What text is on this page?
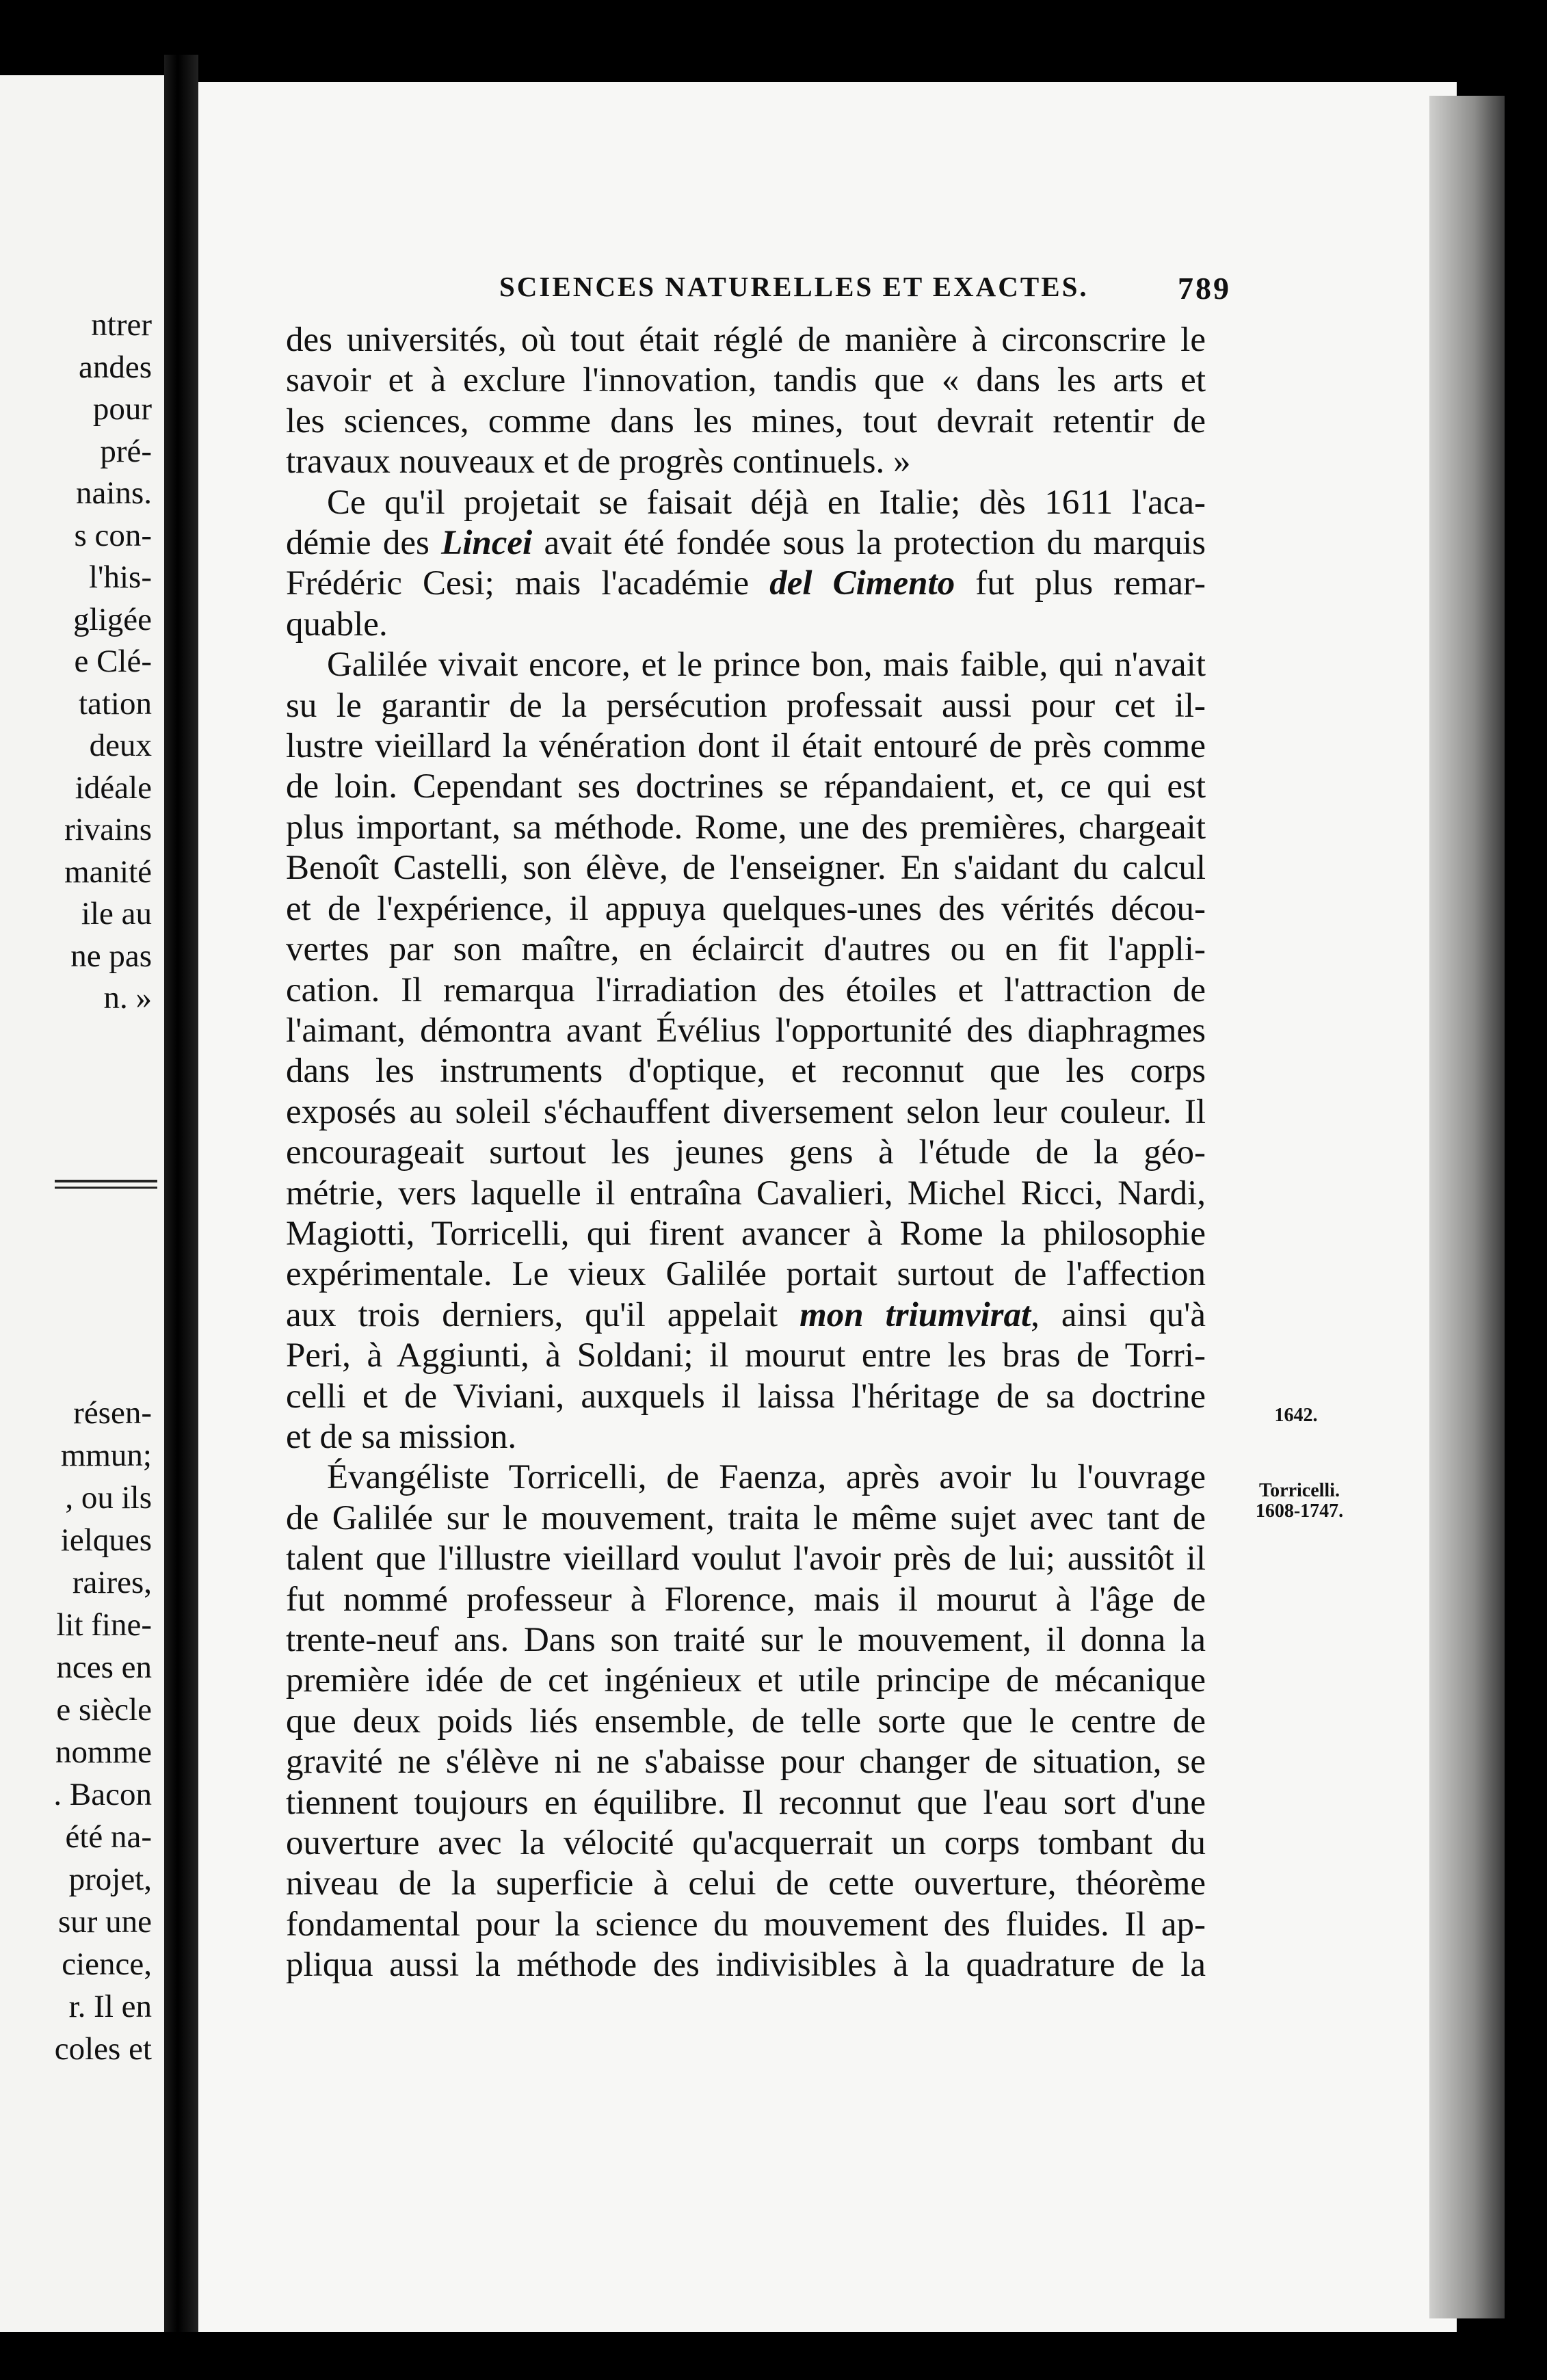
ntrer
andes
pour
pré-
nains.
s con-
l'his-
gligée
e Clé-
tation
deux
idéale
rivains
manité
ile au
ne pas
n. »
résen-
mmun;
, ou ils
ielques
raires,
lit fine-
nces en
e siècle
nomme
. Bacon
été na-
projet,
sur une
cience,
r. Il en
coles et
SCIENCES NATURELLES ET EXACTES.	789
des universités, où tout était réglé de manière à circonscrire le
savoir et à exclure l'innovation, tandis que « dans les arts et
les sciences, comme dans les mines, tout devrait retentir de
travaux nouveaux et de progrès continuels. »
Ce qu'il projetait se faisait déjà en Italie; dès 1611 l'aca-
démie des Lincei avait été fondée sous la protection du marquis
Frédéric Cesi; mais l'académie del Cimento fut plus remar-
quable.
Galilée vivait encore, et le prince bon, mais faible, qui n'avait
su le garantir de la persécution professait aussi pour cet il-
lustre vieillard la vénération dont il était entouré de près comme
de loin. Cependant ses doctrines se répandaient, et, ce qui est
plus important, sa méthode. Rome, une des premières, chargeait
Benoît Castelli, son élève, de l'enseigner. En s'aidant du calcul
et de l'expérience, il appuya quelques-unes des vérités décou-
vertes par son maître, en éclaircit d'autres ou en fit l'appli-
cation. Il remarqua l'irradiation des étoiles et l'attraction de
l'aimant, démontra avant Évélius l'opportunité des diaphragmes
dans les instruments d'optique, et reconnut que les corps
exposés au soleil s'échauffent diversement selon leur couleur. Il
encourageait surtout les jeunes gens à l'étude de la géo-
métrie, vers laquelle il entraîna Cavalieri, Michel Ricci, Nardi,
Magiotti, Torricelli, qui firent avancer à Rome la philosophie
expérimentale. Le vieux Galilée portait surtout de l'affection
aux trois derniers, qu'il appelait mon triumvirat, ainsi qu'à
Peri, à Aggiunti, à Soldani; il mourut entre les bras de Torri-
celli et de Viviani, auxquels il laissa l'héritage de sa doctrine
et de sa mission.
Évangéliste Torricelli, de Faenza, après avoir lu l'ouvrage
de Galilée sur le mouvement, traita le même sujet avec tant de
talent que l'illustre vieillard voulut l'avoir près de lui; aussitôt il
fut nommé professeur à Florence, mais il mourut à l'âge de
trente-neuf ans. Dans son traité sur le mouvement, il donna la
première idée de cet ingénieux et utile principe de mécanique
que deux poids liés ensemble, de telle sorte que le centre de
gravité ne s'élève ni ne s'abaisse pour changer de situation, se
tiennent toujours en équilibre. Il reconnut que l'eau sort d'une
ouverture avec la vélocité qu'acquerrait un corps tombant du
niveau de la superficie à celui de cette ouverture, théorème
fondamental pour la science du mouvement des fluides. Il ap-
pliqua aussi la méthode des indivisibles à la quadrature de la
1642.
Torricelli.
1608-1747.
